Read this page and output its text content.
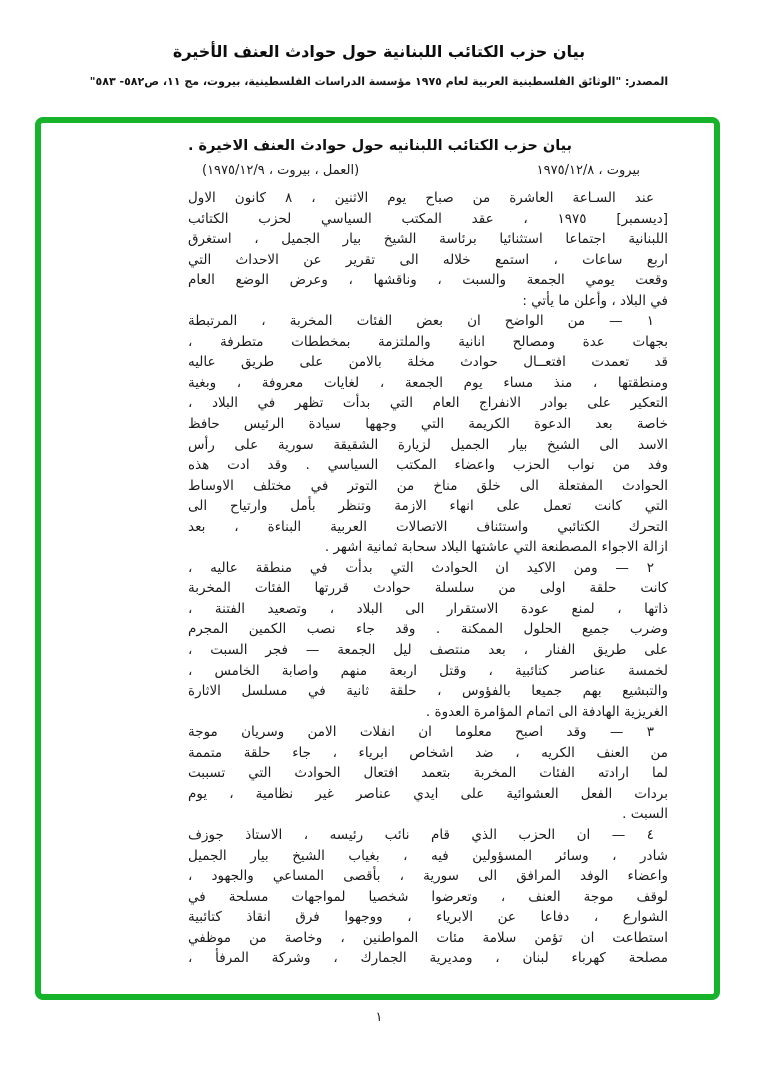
بيان حزب الكتائب اللبنانية حول حوادث العنف الأخيرة
المصدر: "الوثائق الفلسطينية العربية لعام ١٩٧٥ مؤسسة الدراسات الفلسطينية، بيروت، مج ١١، ص٥٨٢- ٥٨٣"
بيان حزب الكتائب اللبنانيه حول حوادث العنف الاخيرة .
بيروت ، ١٩٧٥/١٢/٨
(العمل ، بيروت ، ١٩٧٥/١٢/٩)
عند السـاعة العاشرة من صباح يوم الاثنين ، ٨ كانون الاول
[ديسمبر] ١٩٧٥ ، عقد المكتب السياسي لحزب الكتائب
اللبنانية اجتماعا استثنائيا برئاسة الشيخ بيار الجميل ، استغرق
اربع ساعات ، استمع خلاله الى تقرير عن الاحداث التي
وقعت يومي الجمعة والسبت ، وناقشها ، وعرض الوضع العام
في البلاد ، وأعلن ما يأتي :
١ — من الواضح ان بعض الفئات المخربة ، المرتبطة
بجهات عدة ومصالح انانية والملتزمة بمخططات متطرفة ،
قد تعمدت افتعــال حوادث مخلة بالامن على طريق عاليه
ومنطقتها ، منذ مساء يوم الجمعة ، لغايات معروفة ، وبغية
التعكير على بوادر الانفراج العام التي بدأت تظهر في البلاد ،
خاصة بعد الدعوة الكريمة التي وجهها سيادة الرئيس حافظ
الاسد الى الشيخ بيار الجميل لزيارة الشقيقة سورية على رأس
وفد من نواب الحزب واعضاء المكتب السياسي . وقد ادت هذه
الحوادث المفتعلة الى خلق مناخ من التوتر في مختلف الاوساط
التي كانت تعمل على انهاء الازمة وتنظر بأمل وارتياح الى
التحرك الكتائبي واستئناف الاتصالات العربية البناءة ، بعد
ازالة الاجواء المصطنعة التي عاشتها البلاد سحابة ثمانية اشهر .
٢ — ومن الاكيد ان الحوادث التي بدأت في منطقة عاليه ،
كانت حلقة اولى من سلسلة حوادث قررتها الفئات المخربة
ذاتها ، لمنع عودة الاستقرار الى البلاد ، وتصعيد الفتنة ،
وضرب جميع الحلول الممكنة . وقد جاء نصب الكمين المجرم
على طريق الفنار ، بعد منتصف ليل الجمعة — فجر السبت ،
لخمسة عناصر كتائبية ، وقتل اربعة منهم واصابة الخامس ،
والتبشيع بهم جميعا بالفؤوس ، حلقة ثانية في مسلسل الاثارة
الغريزية الهادفة الى اتمام المؤامرة العدوة .
٣ — وقد اصبح معلوما ان انفلات الامن وسريان موجة
من العنف الكريه ، ضد اشخاص ابرياء ، جاء حلقة متممة
لما ارادته الفئات المخربة بتعمد افتعال الحوادث التي تسببت
بردات الفعل العشوائية على ايدي عناصر غير نظامية ، يوم
السبت .
٤ — ان الحزب الذي قام نائب رئيسه ، الاستاذ جوزف
شادر ، وسائر المسؤولين فيه ، بغياب الشيخ بيار الجميل
واعضاء الوفد المرافق الى سورية ، بأقصى المساعي والجهود ،
لوقف موجة العنف ، وتعرضوا شخصيا لمواجهات مسلحة في
الشوارع ، دفاعا عن الابرياء ، ووجهوا فرق انقاذ كتائبية
استطاعت ان تؤمن سلامة مئات المواطنين ، وخاصة من موظفي
مصلحة كهرباء لبنان ، ومديرية الجمارك ، وشركة المرفأ ،
١
